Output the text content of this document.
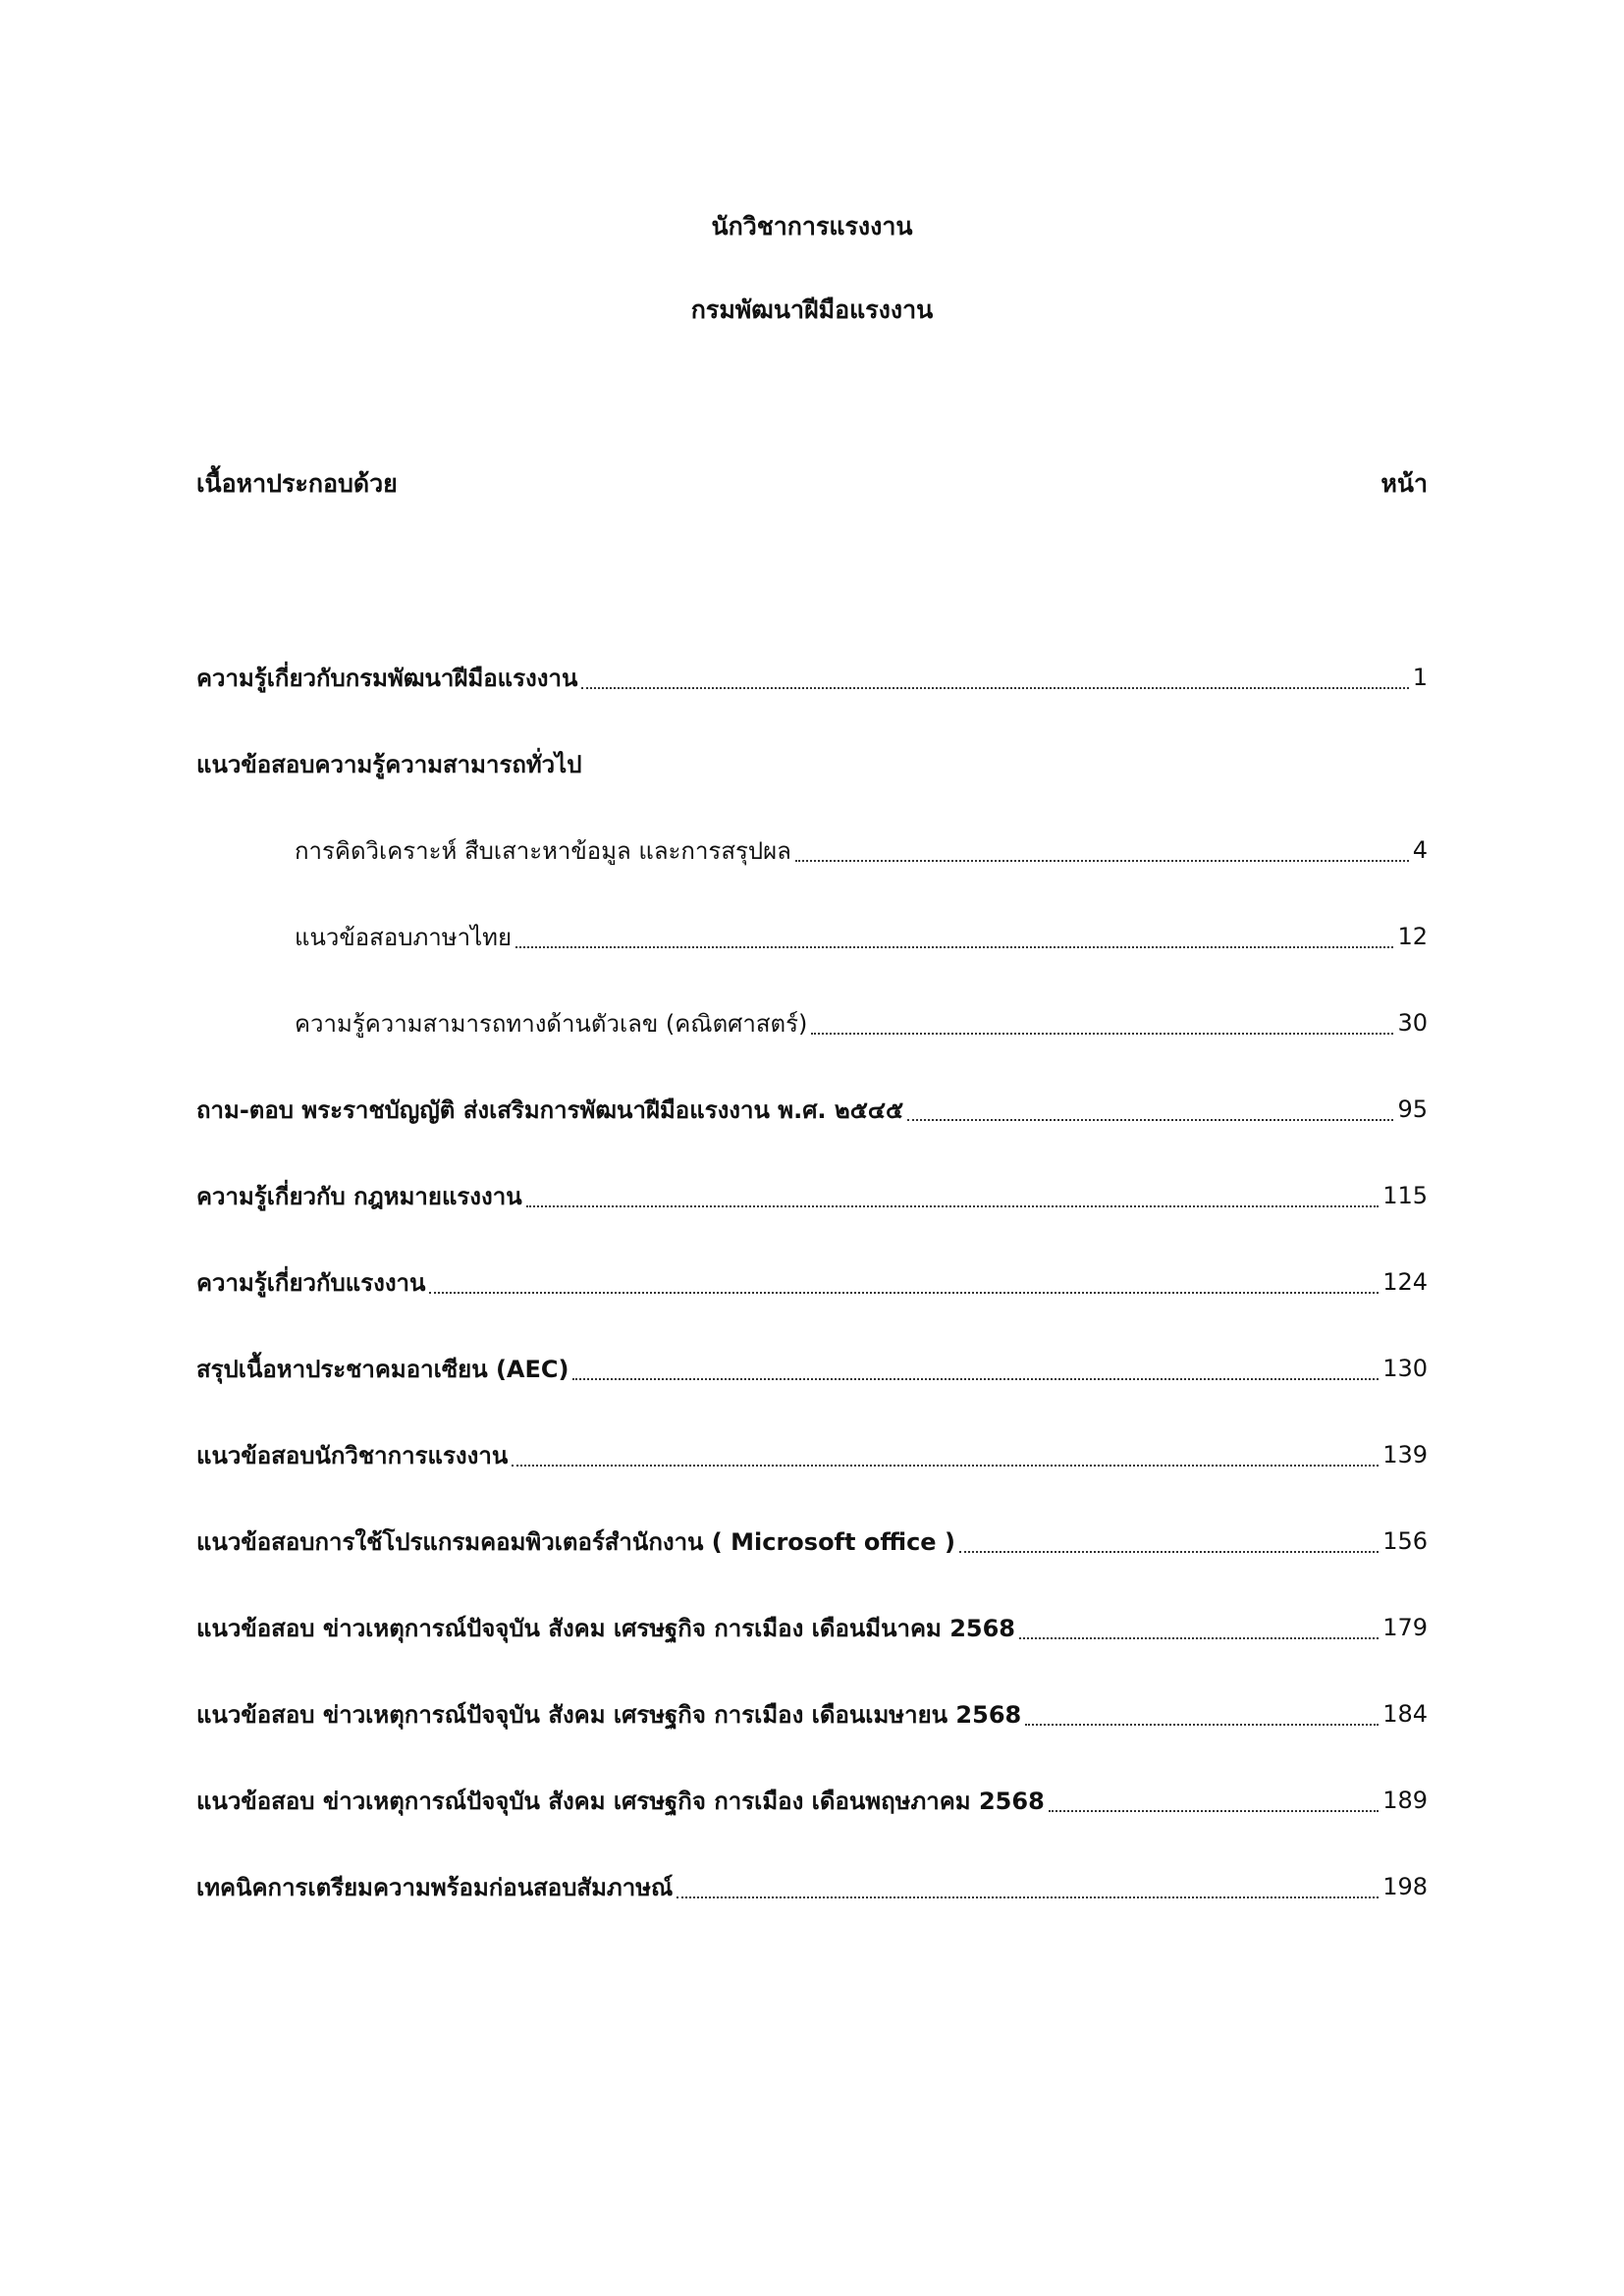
นักวิชาการแรงงาน
กรมพัฒนาฝีมือแรงงาน
เนื้อหาประกอบด้วย	หน้า
ความรู้เกี่ยวกับกรมพัฒนาฝีมือแรงงาน	1
แนวข้อสอบความรู้ความสามารถทั่วไป
การคิดวิเคราะห์ สืบเสาะหาข้อมูล และการสรุปผล	4
แนวข้อสอบภาษาไทย	12
ความรู้ความสามารถทางด้านตัวเลข (คณิตศาสตร์)	30
ถาม-ตอบ พระราชบัญญัติ ส่งเสริมการพัฒนาฝีมือแรงงาน พ.ศ. ๒๕๔๕	95
ความรู้เกี่ยวกับ กฎหมายแรงงาน	115
ความรู้เกี่ยวกับแรงงาน	124
สรุปเนื้อหาประชาคมอาเซียน (AEC)	130
แนวข้อสอบนักวิชาการแรงงาน	139
แนวข้อสอบการใช้โปรแกรมคอมพิวเตอร์สำนักงาน ( Microsoft office )	156
แนวข้อสอบ ข่าวเหตุการณ์ปัจจุบัน สังคม เศรษฐกิจ การเมือง เดือนมีนาคม 2568	179
แนวข้อสอบ ข่าวเหตุการณ์ปัจจุบัน สังคม เศรษฐกิจ การเมือง เดือนเมษายน 2568	184
แนวข้อสอบ ข่าวเหตุการณ์ปัจจุบัน สังคม เศรษฐกิจ การเมือง เดือนพฤษภาคม 2568	189
เทคนิคการเตรียมความพร้อมก่อนสอบสัมภาษณ์	198
